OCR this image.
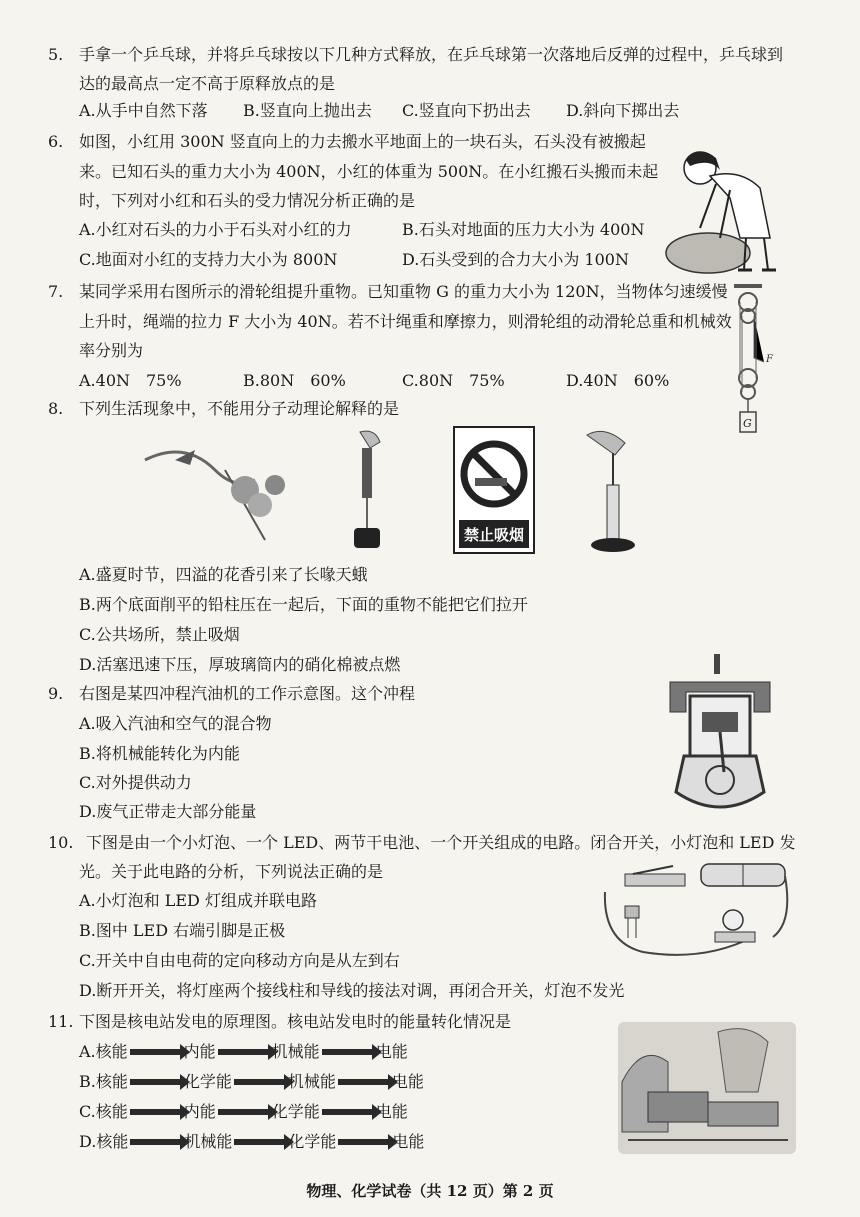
5. 手拿一个乒乓球，并将乒乓球按以下几种方式释放，在乒乓球第一次落地后反弹的过程中，乒乓球到
达的最高点一定不高于原释放点的是
A.从手中自然下落 B.竖直向上抛出去 C.竖直向下扔出去 D.斜向下掷出去
6. 如图，小红用 300N 竖直向上的力去搬水平地面上的一块石头，石头没有被搬起
来。已知石头的重力大小为 400N，小红的体重为 500N。在小红搬石头搬而未起
时，下列对小红和石头的受力情况分析正确的是
A.小红对石头的力小于石头对小红的力	B.石头对地面的压力大小为 400N
C.地面对小红的支持力大小为 800N	D.石头受到的合力大小为 100N
7. 某同学采用右图所示的滑轮组提升重物。已知重物 G 的重力大小为 120N，当物体匀速缓慢
上升时，绳端的拉力 F 大小为 40N。若不计绳重和摩擦力，则滑轮组的动滑轮总重和机械效
率分别为
A.40N　75%	B.80N　60%	C.80N　75%	D.40N　60%
F
G
8. 下列生活现象中，不能用分子动理论解释的是
禁止吸烟
A.盛夏时节，四溢的花香引来了长喙天蛾
B.两个底面削平的铅柱压在一起后，下面的重物不能把它们拉开
C.公共场所，禁止吸烟
D.活塞迅速下压，厚玻璃筒内的硝化棉被点燃
9. 右图是某四冲程汽油机的工作示意图。这个冲程
A.吸入汽油和空气的混合物
B.将机械能转化为内能
C.对外提供动力
D.废气正带走大部分能量
10. 下图是由一个小灯泡、一个 LED、两节干电池、一个开关组成的电路。闭合开关，小灯泡和 LED 发
光。关于此电路的分析，下列说法正确的是
A.小灯泡和 LED 灯组成并联电路
B.图中 LED 右端引脚是正极
C.开关中自由电荷的定向移动方向是从左到右
D.断开开关，将灯座两个接线柱和导线的接法对调，再闭合开关，灯泡不发光
11. 下图是核电站发电的原理图。核电站发电时的能量转化情况是
A.核能	内能	机械能	电能
B.核能	化学能	机械能	电能
C.核能	内能	化学能	电能
D.核能	机械能	化学能	电能
物理、化学试卷（共 12 页）第 2 页
